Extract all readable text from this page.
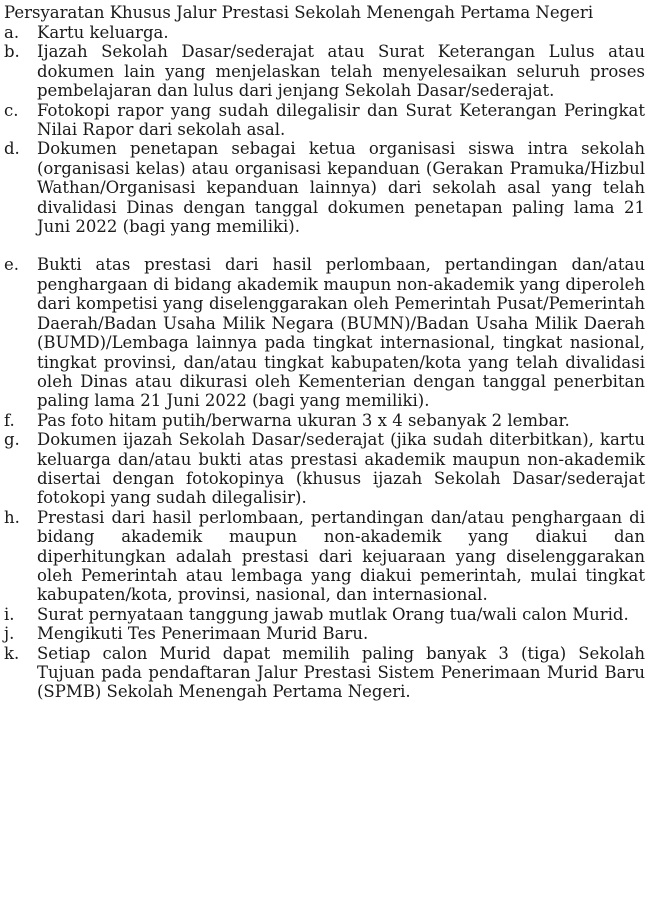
Persyaratan Khusus Jalur Prestasi Sekolah Menengah Pertama Negeri

a.	Kartu keluarga.
b.	Ijazah Sekolah Dasar/sederajat atau Surat Keterangan Lulus atau dokumen lain yang menjelaskan telah menyelesaikan seluruh proses pembelajaran dan lulus dari jenjang Sekolah Dasar/sederajat.
c.	Fotokopi rapor yang sudah dilegalisir dan Surat Keterangan Peringkat Nilai Rapor dari sekolah asal.
d.	Dokumen penetapan sebagai ketua organisasi siswa intra sekolah (organisasi kelas) atau organisasi kepanduan (Gerakan Pramuka/Hizbul Wathan/Organisasi kepanduan lainnya) dari sekolah asal yang telah divalidasi Dinas dengan tanggal dokumen penetapan paling lama 21 Juni 2022 (bagi yang memiliki).
e.	Bukti atas prestasi dari hasil perlombaan, pertandingan dan/atau penghargaan di bidang akademik maupun non-akademik yang diperoleh dari kompetisi yang diselenggarakan oleh Pemerintah Pusat/Pemerintah Daerah/Badan Usaha Milik Negara (BUMN)/Badan Usaha Milik Daerah (BUMD)/Lembaga lainnya pada tingkat internasional, tingkat nasional, tingkat provinsi, dan/atau tingkat kabupaten/kota yang telah divalidasi oleh Dinas atau dikurasi oleh Kementerian dengan tanggal penerbitan paling lama 21 Juni 2022 (bagi yang memiliki).
f.	Pas foto hitam putih/berwarna ukuran 3 x 4 sebanyak 2 lembar.
g.	Dokumen ijazah Sekolah Dasar/sederajat (jika sudah diterbitkan), kartu keluarga dan/atau bukti atas prestasi akademik maupun non-akademik disertai dengan fotokopinya (khusus ijazah Sekolah Dasar/sederajat fotokopi yang sudah dilegalisir).
h.	Prestasi dari hasil perlombaan, pertandingan dan/atau penghargaan di bidang akademik maupun non-akademik yang diakui dan diperhitungkan adalah prestasi dari kejuaraan yang diselenggarakan oleh Pemerintah atau lembaga yang diakui pemerintah, mulai tingkat kabupaten/kota, provinsi, nasional, dan internasional.
i.	Surat pernyataan tanggung jawab mutlak Orang tua/wali calon Murid.
j.	Mengikuti Tes Penerimaan Murid Baru.
k.	Setiap calon Murid dapat memilih paling banyak 3 (tiga) Sekolah Tujuan pada pendaftaran Jalur Prestasi Sistem Penerimaan Murid Baru (SPMB) Sekolah Menengah Pertama Negeri.
